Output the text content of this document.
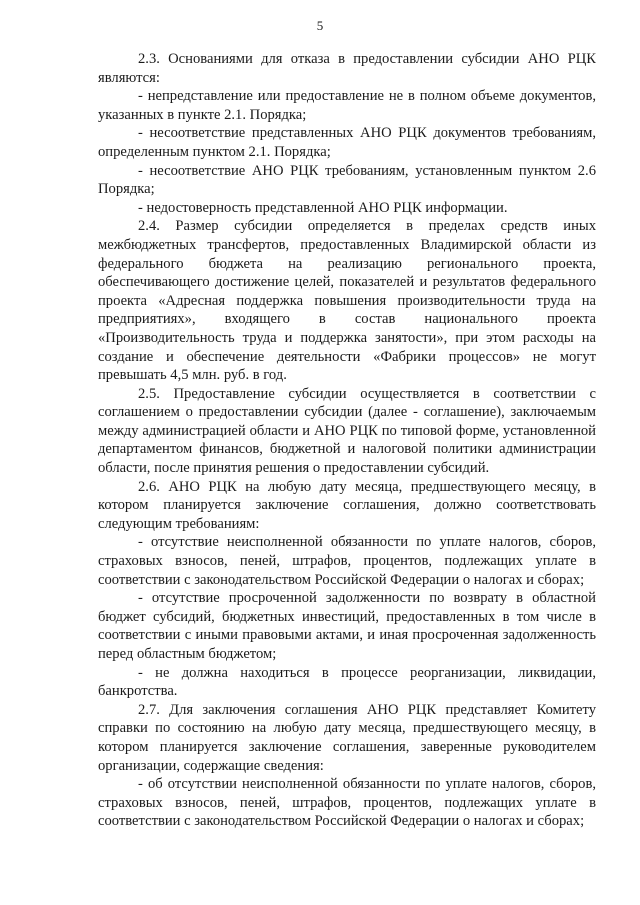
5

2.3. Основаниями для отказа в предоставлении субсидии АНО РЦК являются:

- непредставление или предоставление не в полном объеме документов, указанных в пункте 2.1. Порядка;

- несоответствие представленных АНО РЦК документов требованиям, определенным пунктом 2.1. Порядка;

- несоответствие АНО РЦК требованиям, установленным пунктом 2.6 Порядка;

- недостоверность представленной АНО РЦК информации.

2.4. Размер субсидии определяется в пределах средств иных межбюджетных трансфертов, предоставленных Владимирской области из федерального бюджета на реализацию регионального проекта, обеспечивающего достижение целей, показателей и результатов федерального проекта «Адресная поддержка повышения производительности труда на предприятиях», входящего в состав национального проекта «Производительность труда и поддержка занятости», при этом расходы на создание и обеспечение деятельности «Фабрики процессов» не могут превышать 4,5 млн. руб. в год.

2.5. Предоставление субсидии осуществляется в соответствии с соглашением о предоставлении субсидии (далее - соглашение), заключаемым между администрацией области и АНО РЦК по типовой форме, установленной департаментом финансов, бюджетной и налоговой политики администрации области, после принятия решения о предоставлении субсидий.

2.6. АНО РЦК на любую дату месяца, предшествующего месяцу, в котором планируется заключение соглашения, должно соответствовать следующим требованиям:

- отсутствие неисполненной обязанности по уплате налогов, сборов, страховых взносов, пеней, штрафов, процентов, подлежащих уплате в соответствии с законодательством Российской Федерации о налогах и сборах;

- отсутствие просроченной задолженности по возврату в областной бюджет субсидий, бюджетных инвестиций, предоставленных в том числе в соответствии с иными правовыми актами, и иная просроченная задолженность перед областным бюджетом;

- не должна находиться в процессе реорганизации, ликвидации, банкротства.

2.7. Для заключения соглашения АНО РЦК представляет Комитету справки по состоянию на любую дату месяца, предшествующего месяцу, в котором планируется заключение соглашения, заверенные руководителем организации, содержащие сведения:

- об отсутствии неисполненной обязанности по уплате налогов, сборов, страховых взносов, пеней, штрафов, процентов, подлежащих уплате в соответствии с законодательством Российской Федерации о налогах и сборах;
